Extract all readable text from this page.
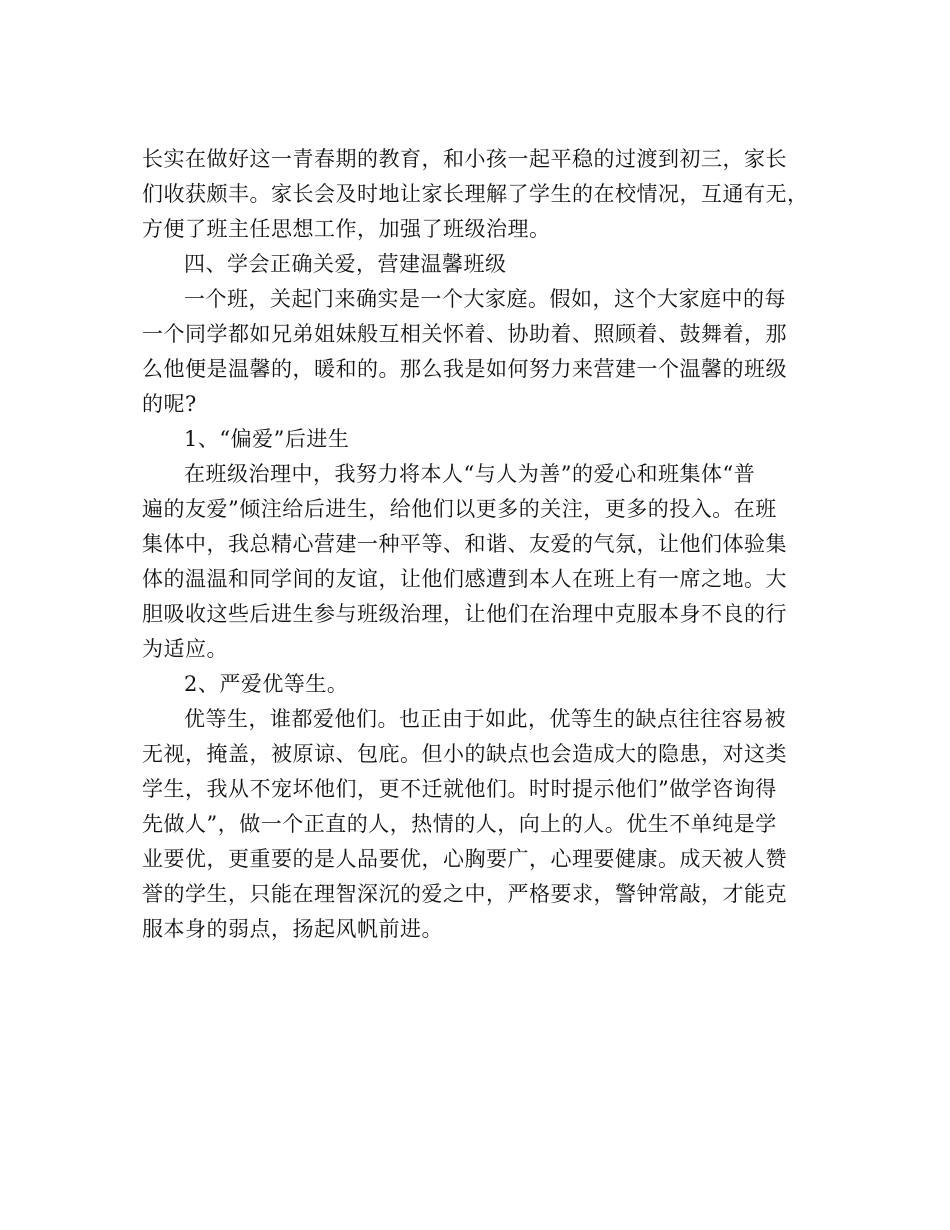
长实在做好这一青春期的教育，和小孩一起平稳的过渡到初三，家长
们收获颇丰。家长会及时地让家长理解了学生的在校情况，互通有无，
方便了班主任思想工作，加强了班级治理。
四、学会正确关爱，营建温馨班级
一个班，关起门来确实是一个大家庭。假如，这个大家庭中的每
一个同学都如兄弟姐妹般互相关怀着、协助着、照顾着、鼓舞着，那
么他便是温馨的，暖和的。那么我是如何努力来营建一个温馨的班级
的呢?
1、“偏爱”后进生
在班级治理中，我努力将本人“与人为善”的爱心和班集体“普
遍的友爱”倾注给后进生，给他们以更多的关注，更多的投入。在班
集体中，我总精心营建一种平等、和谐、友爱的气氛，让他们体验集
体的温温和同学间的友谊，让他们感遭到本人在班上有一席之地。大
胆吸收这些后进生参与班级治理，让他们在治理中克服本身不良的行
为适应。
2、严爱优等生。
优等生，谁都爱他们。也正由于如此，优等生的缺点往往容易被
无视，掩盖，被原谅、包庇。但小的缺点也会造成大的隐患，对这类
学生，我从不宠坏他们，更不迁就他们。时时提示他们”做学咨询得
先做人”，做一个正直的人，热情的人，向上的人。优生不单纯是学
业要优，更重要的是人品要优，心胸要广，心理要健康。成天被人赞
誉的学生，只能在理智深沉的爱之中，严格要求，警钟常敲，才能克
服本身的弱点，扬起风帆前进。
